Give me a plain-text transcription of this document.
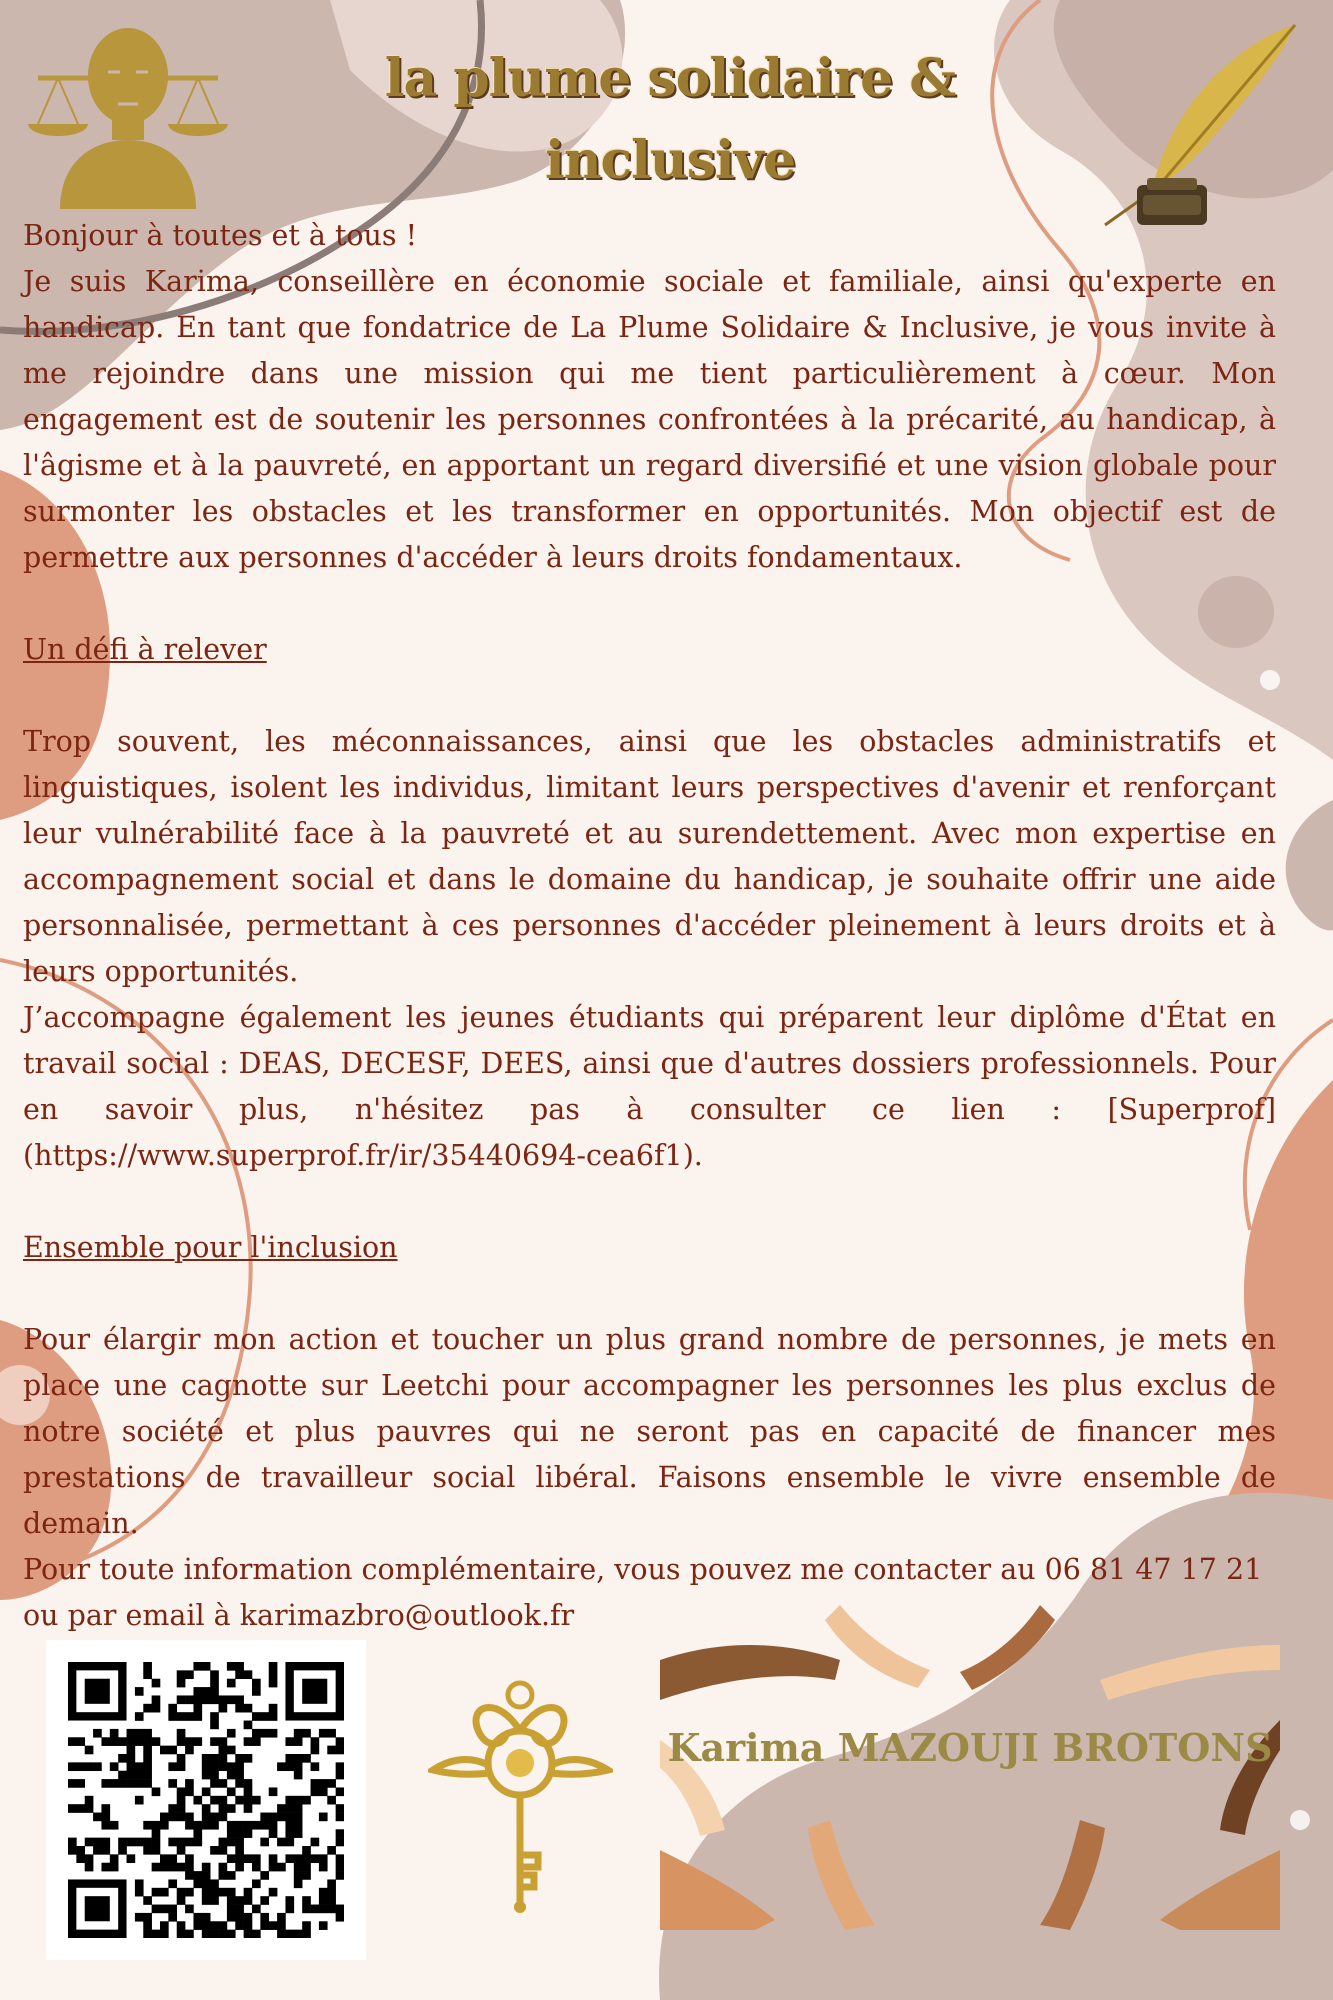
la plume solidaire &
inclusive

Bonjour à toutes et à tous !

Je suis Karima, conseillère en économie sociale et familiale, ainsi qu'experte en handicap. En tant que fondatrice de La Plume Solidaire & Inclusive, je vous invite à me rejoindre dans une mission qui me tient particulièrement à cœur. Mon engagement est de soutenir les personnes confrontées à la précarité, au handicap, à l'âgisme et à la pauvreté, en apportant un regard diversifié et une vision globale pour surmonter les obstacles et les transformer en opportunités. Mon objectif est de permettre aux personnes d'accéder à leurs droits fondamentaux.

Un défi à relever

Trop souvent, les méconnaissances, ainsi que les obstacles administratifs et linguistiques, isolent les individus, limitant leurs perspectives d'avenir et renforçant leur vulnérabilité face à la pauvreté et au surendettement. Avec mon expertise en accompagnement social et dans le domaine du handicap, je souhaite offrir une aide personnalisée, permettant à ces personnes d'accéder pleinement à leurs droits et à leurs opportunités.

J’accompagne également les jeunes étudiants qui préparent leur diplôme d'État en travail social : DEAS, DECESF, DEES, ainsi que d'autres dossiers professionnels. Pour en savoir plus, n'hésitez pas à consulter ce lien : [Superprof] (https://www.superprof.fr/ir/35440694-cea6f1).

Ensemble pour l'inclusion

Pour élargir mon action et toucher un plus grand nombre de personnes, je mets en place une cagnotte sur Leetchi pour accompagner les personnes les plus exclus de notre société et plus pauvres qui ne seront pas en capacité de financer mes prestations de travailleur social libéral. Faisons ensemble le vivre ensemble de demain.

Pour toute information complémentaire, vous pouvez me contacter au 06 81 47 17 21

ou par email à karimazbro@outlook.fr

Karima MAZOUJI BROTONS
